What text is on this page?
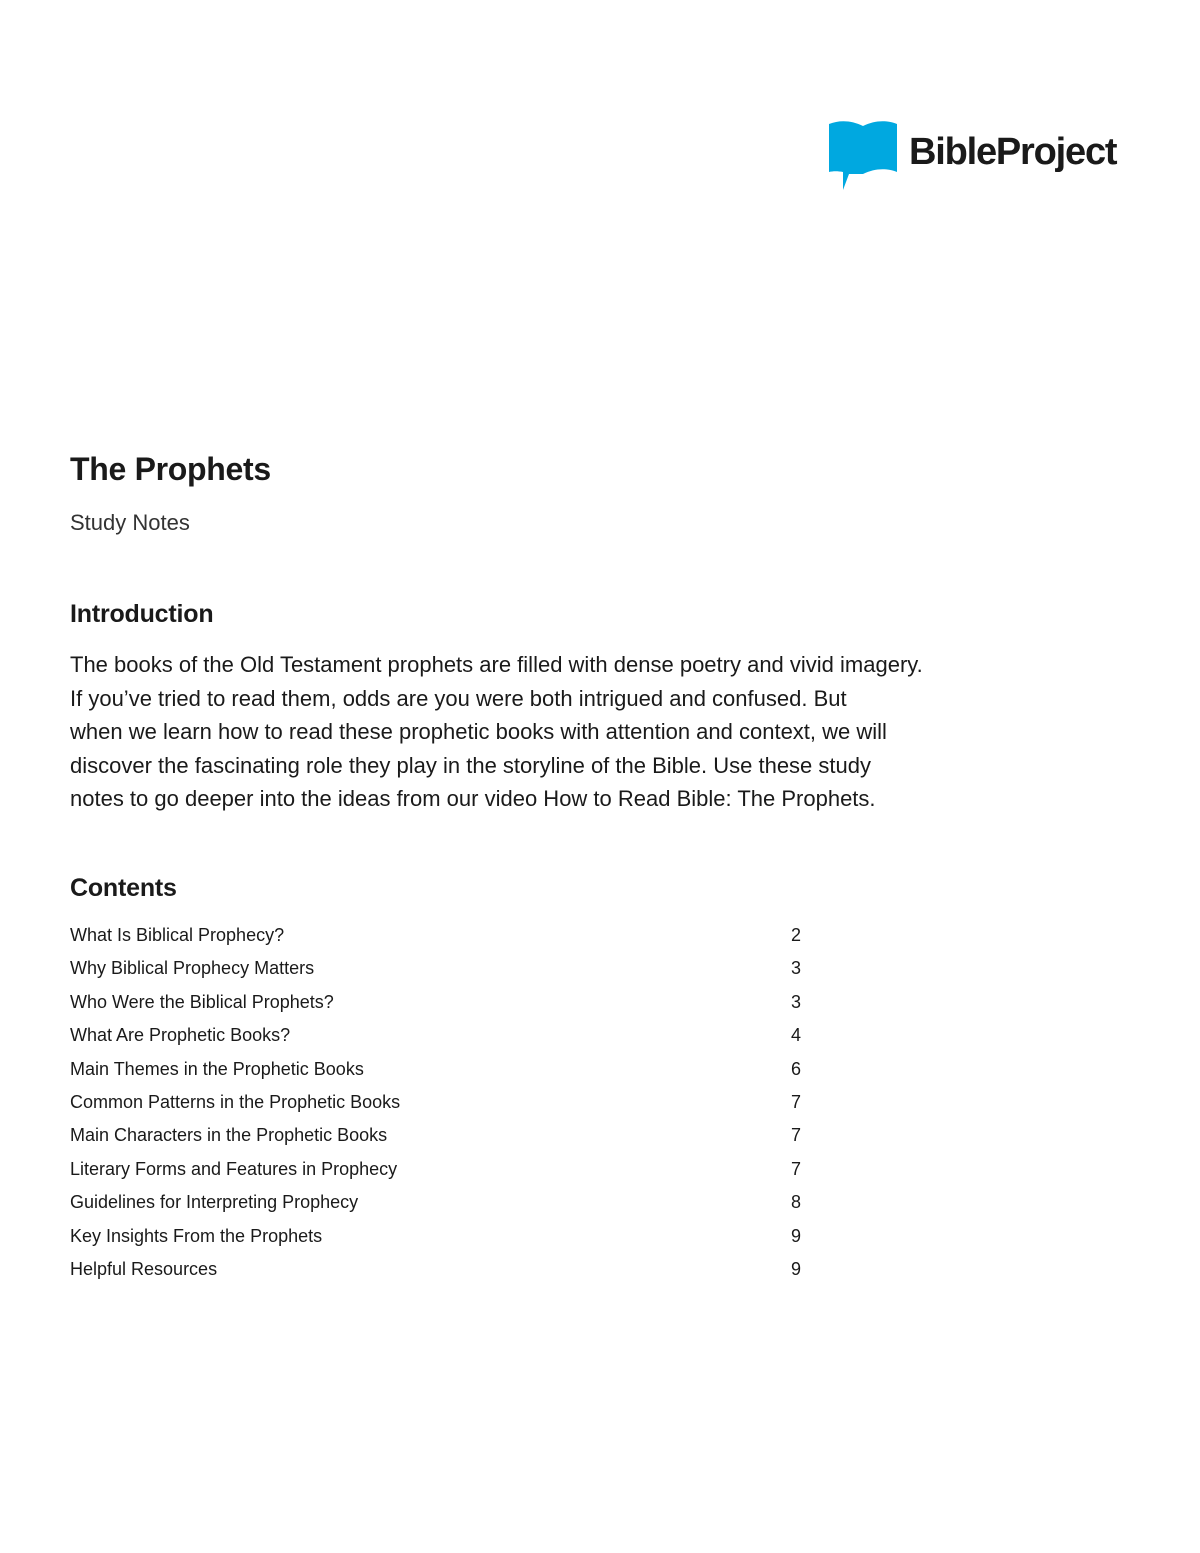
BibleProject
The Prophets

Study Notes

Introduction

The books of the Old Testament prophets are filled with dense poetry and vivid imagery.
If you’ve tried to read them, odds are you were both intrigued and confused. But
when we learn how to read these prophetic books with attention and context, we will
discover the fascinating role they play in the storyline of the Bible. Use these study
notes to go deeper into the ideas from our video How to Read Bible: The Prophets.

Contents
What Is Biblical Prophecy?	2
Why Biblical Prophecy Matters	3
Who Were the Biblical Prophets?	3
What Are Prophetic Books?	4
Main Themes in the Prophetic Books	6
Common Patterns in the Prophetic Books	7
Main Characters in the Prophetic Books	7
Literary Forms and Features in Prophecy	7
Guidelines for Interpreting Prophecy	8
Key Insights From the Prophets	9
Helpful Resources	9
